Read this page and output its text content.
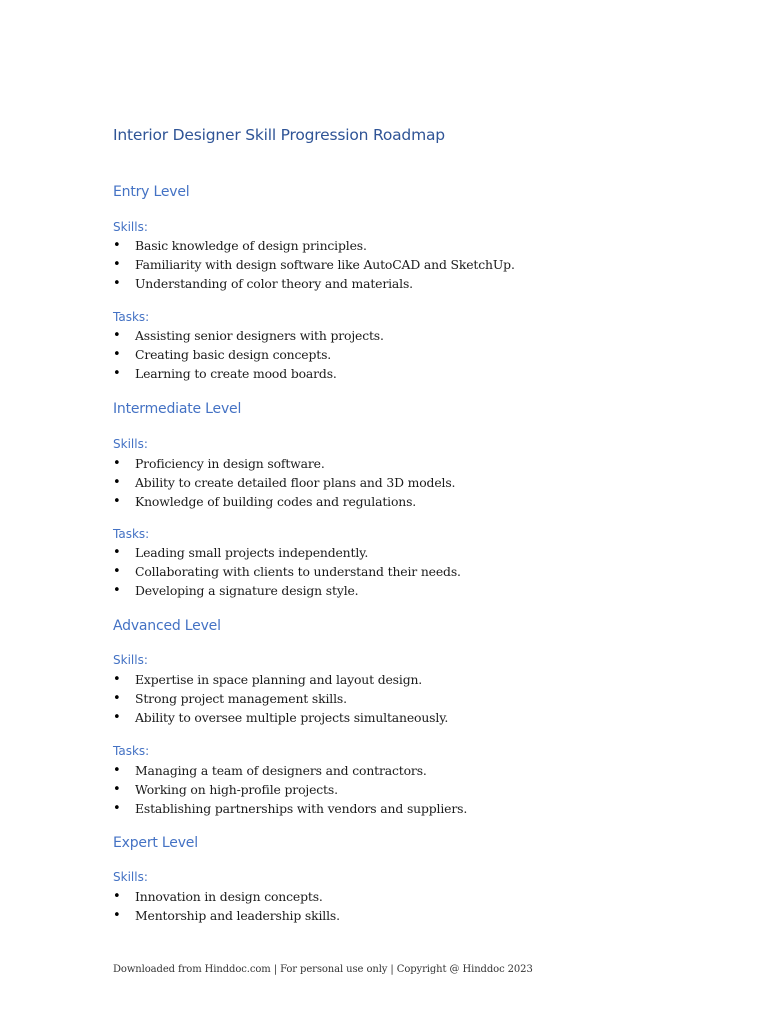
Interior Designer Skill Progression Roadmap
Entry Level
Skills:
• Basic knowledge of design principles.
• Familiarity with design software like AutoCAD and SketchUp.
• Understanding of color theory and materials.
Tasks:
• Assisting senior designers with projects.
• Creating basic design concepts.
• Learning to create mood boards.
Intermediate Level
Skills:
• Proficiency in design software.
• Ability to create detailed floor plans and 3D models.
• Knowledge of building codes and regulations.
Tasks:
• Leading small projects independently.
• Collaborating with clients to understand their needs.
• Developing a signature design style.
Advanced Level
Skills:
• Expertise in space planning and layout design.
• Strong project management skills.
• Ability to oversee multiple projects simultaneously.
Tasks:
• Managing a team of designers and contractors.
• Working on high-profile projects.
• Establishing partnerships with vendors and suppliers.
Expert Level
Skills:
• Innovation in design concepts.
• Mentorship and leadership skills.
Downloaded from Hinddoc.com | For personal use only | Copyright @ Hinddoc 2023
